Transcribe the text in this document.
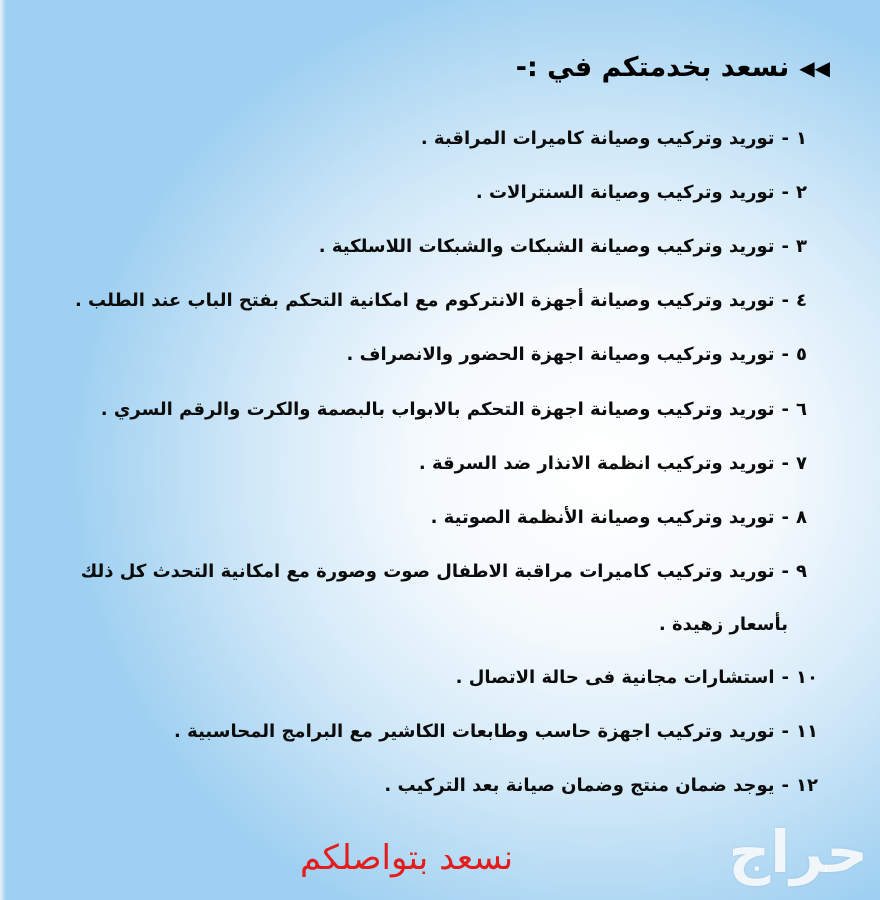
◀◀
نسعد بخدمتكم في :-
١
-
توريد وتركيب وصيانة كاميرات المراقبة .
٢
-
توريد وتركيب وصيانة السنترالات .
٣
-
توريد وتركيب وصيانة الشبكات والشبكات اللاسلكية .
٤
-
توريد وتركيب وصيانة أجهزة الانتركوم مع امكانية التحكم بفتح الباب عند الطلب .
٥
-
توريد وتركيب وصيانة اجهزة الحضور والانصراف .
٦
-
توريد وتركيب وصيانة اجهزة التحكم بالابواب بالبصمة والكرت والرقم السري .
٧
-
توريد وتركيب انظمة الانذار ضد السرقة .
٨
-
توريد وتركيب وصيانة الأنظمة الصوتية .
٩
-
توريد وتركيب كاميرات مراقبة الاطفال صوت وصورة مع امكانية التحدث كل ذلك
بأسعار زهيدة .
١٠
-
استشارات مجانية فى حالة الاتصال .
١١
-
توريد وتركيب اجهزة حاسب وطابعات الكاشير مع البرامج المحاسبية .
١٢
-
يوجد ضمان منتج وضمان صيانة بعد التركيب .
نسعد بتواصلكم	حراج
